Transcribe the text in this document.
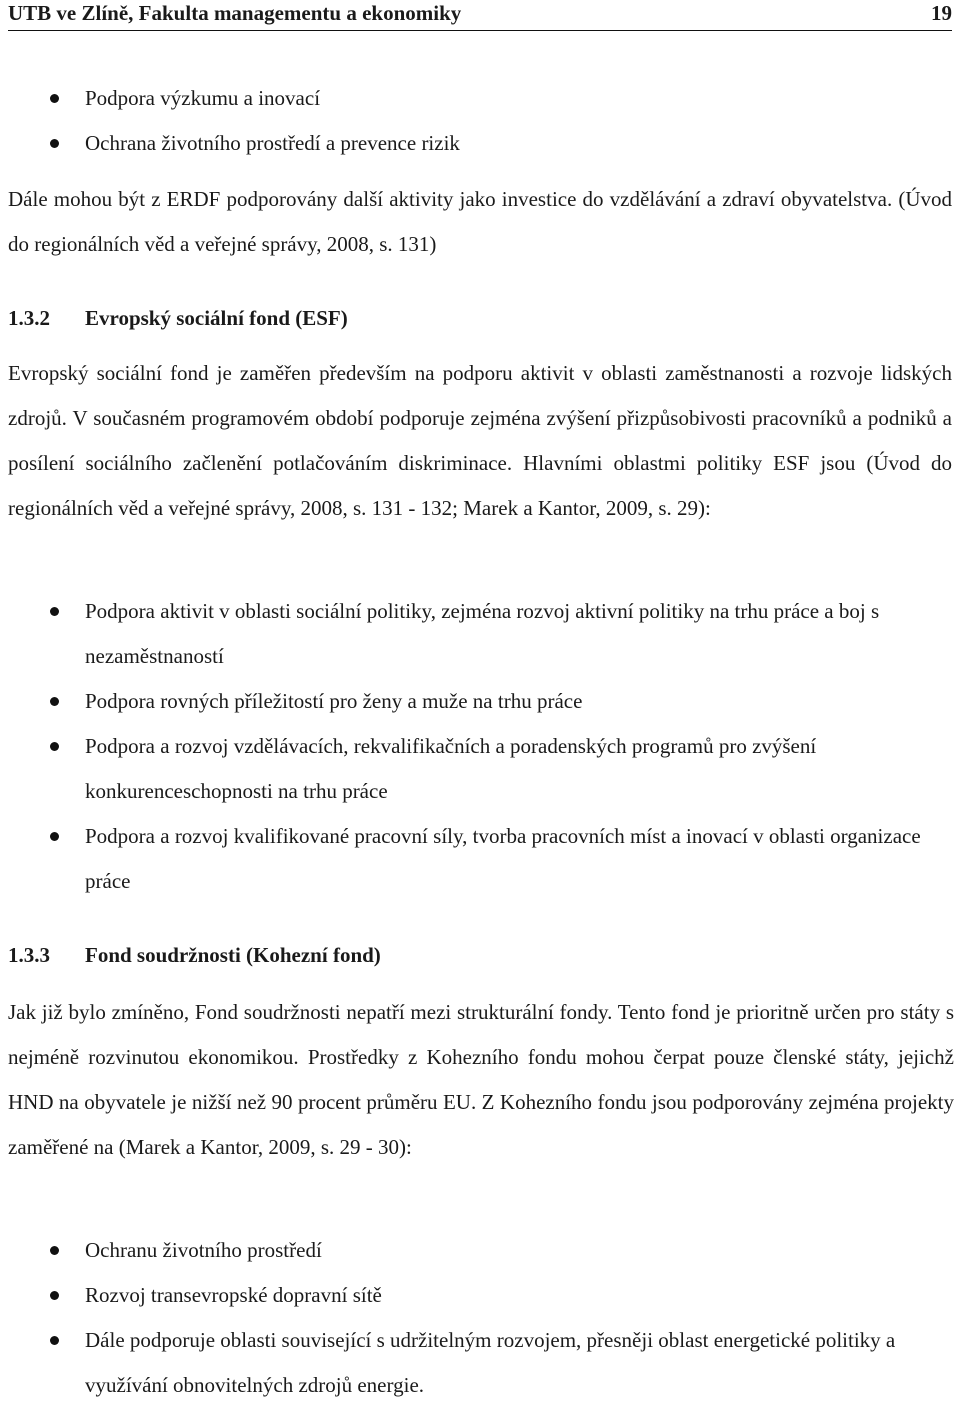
UTB ve Zlíně, Fakulta managementu a ekonomiky	19
Podpora výzkumu a inovací
Ochrana životního prostředí a prevence rizik

Dále mohou být z ERDF podporovány další aktivity jako investice do vzdělávání a zdraví obyvatelstva. (Úvod do regionálních věd a veřejné správy, 2008, s. 131)

1.3.2	Evropský sociální fond (ESF)

Evropský sociální fond je zaměřen především na podporu aktivit v oblasti zaměstnanosti a rozvoje lidských zdrojů. V současném programovém období podporuje zejména zvýšení přizpůsobivosti pracovníků a podniků a posílení sociálního začlenění potlačováním diskriminace. Hlavními oblastmi politiky ESF jsou (Úvod do regionálních věd a veřejné správy, 2008, s. 131 - 132; Marek a Kantor, 2009, s. 29):

Podpora aktivit v oblasti sociální politiky, zejména rozvoj aktivní politiky na trhu práce a boj s nezaměstnaností
Podpora rovných příležitostí pro ženy a muže na trhu práce
Podpora a rozvoj vzdělávacích, rekvalifikačních a poradenských programů pro zvýšení konkurenceschopnosti na trhu práce
Podpora a rozvoj kvalifikované pracovní síly, tvorba pracovních míst a inovací v oblasti organizace práce
1.3.3	Fond soudržnosti (Kohezní fond)

Jak již bylo zmíněno, Fond soudržnosti nepatří mezi strukturální fondy. Tento fond je prioritně určen pro státy s nejméně rozvinutou ekonomikou. Prostředky z Kohezního fondu mohou čerpat pouze členské státy, jejichž HND na obyvatele je nižší než 90 procent průměru EU. Z Kohezního fondu jsou podporovány zejména projekty zaměřené na (Marek a Kantor, 2009, s. 29 - 30):

Ochranu životního prostředí
Rozvoj transevropské dopravní sítě
Dále podporuje oblasti související s udržitelným rozvojem, přesněji oblast energetické politiky a využívání obnovitelných zdrojů energie.
